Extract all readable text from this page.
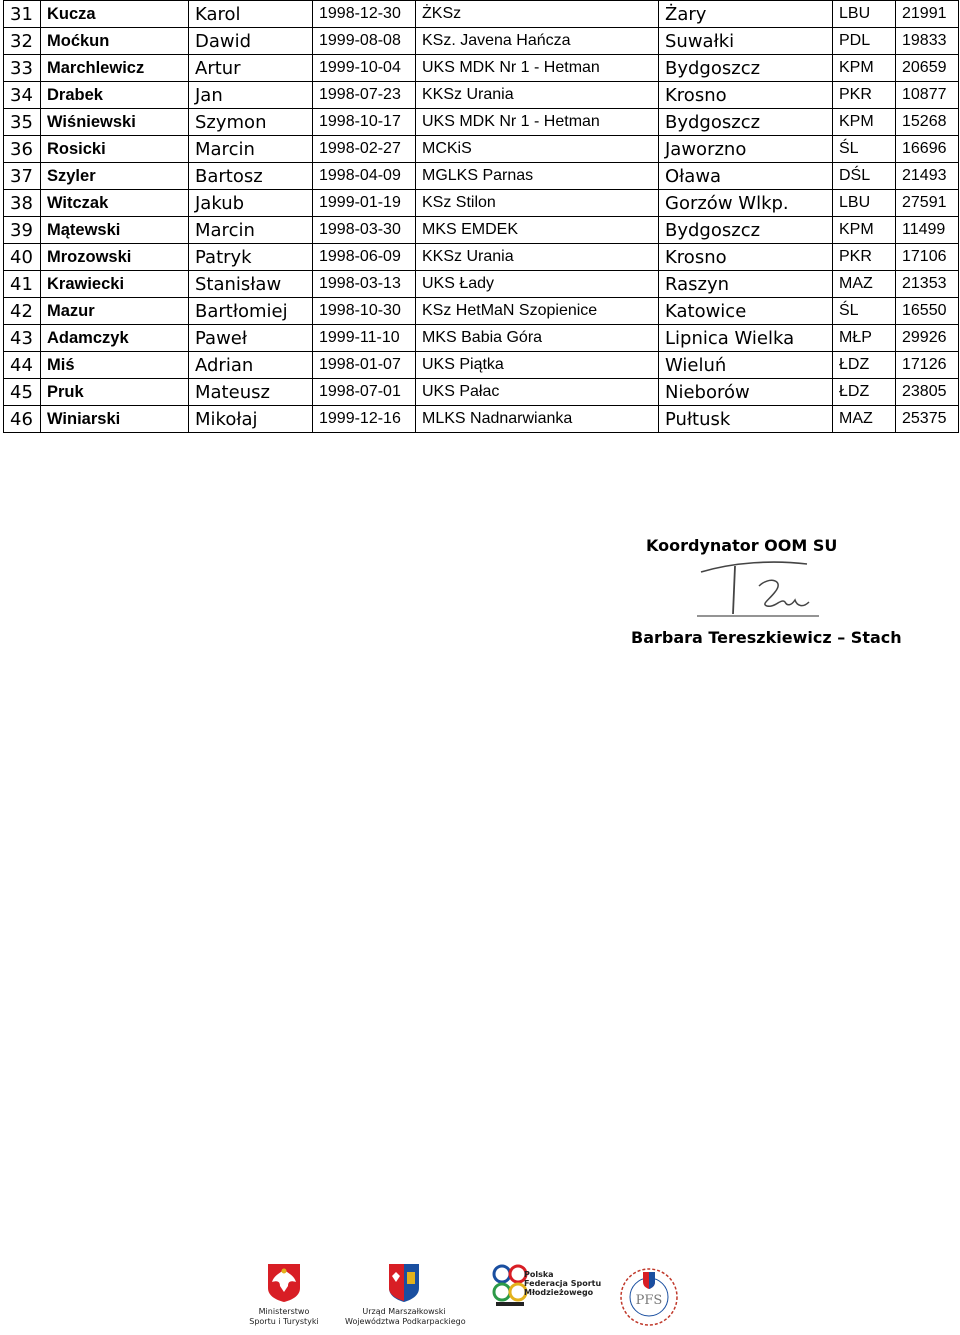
31	Kucza	Karol	1998-12-30	ŻKSz	Żary	LBU	21991
32	Moćkun	Dawid	1999-08-08	KSz. Javena Hańcza	Suwałki	PDL	19833
33	Marchlewicz	Artur	1999-10-04	UKS MDK Nr 1 - Hetman	Bydgoszcz	KPM	20659
34	Drabek	Jan	1998-07-23	KKSz Urania	Krosno	PKR	10877
35	Wiśniewski	Szymon	1998-10-17	UKS MDK Nr 1 - Hetman	Bydgoszcz	KPM	15268
36	Rosicki	Marcin	1998-02-27	MCKiS	Jaworzno	ŚL	16696
37	Szyler	Bartosz	1998-04-09	MGLKS Parnas	Oława	DŚL	21493
38	Witczak	Jakub	1999-01-19	KSz Stilon	Gorzów Wlkp.	LBU	27591
39	Mątewski	Marcin	1998-03-30	MKS EMDEK	Bydgoszcz	KPM	11499
40	Mrozowski	Patryk	1998-06-09	KKSz Urania	Krosno	PKR	17106
41	Krawiecki	Stanisław	1998-03-13	UKS Łady	Raszyn	MAZ	21353
42	Mazur	Bartłomiej	1998-10-30	KSz HetMaN Szopienice	Katowice	ŚL	16550
43	Adamczyk	Paweł	1999-11-10	MKS Babia Góra	Lipnica Wielka	MŁP	29926
44	Miś	Adrian	1998-01-07	UKS Piątka	Wieluń	ŁDZ	17126
45	Pruk	Mateusz	1998-07-01	UKS Pałac	Nieborów	ŁDZ	23805
46	Winiarski	Mikołaj	1999-12-16	MLKS Nadnarwianka	Pułtusk	MAZ	25375
Koordynator OOM SU
Barbara Tereszkiewicz – Stach
Ministerstwo
Sportu i Turystyki
Urząd Marszałkowski
Województwa Podkarpackiego
Polska
Federacja Sportu
Młodzieżowego
PFS
